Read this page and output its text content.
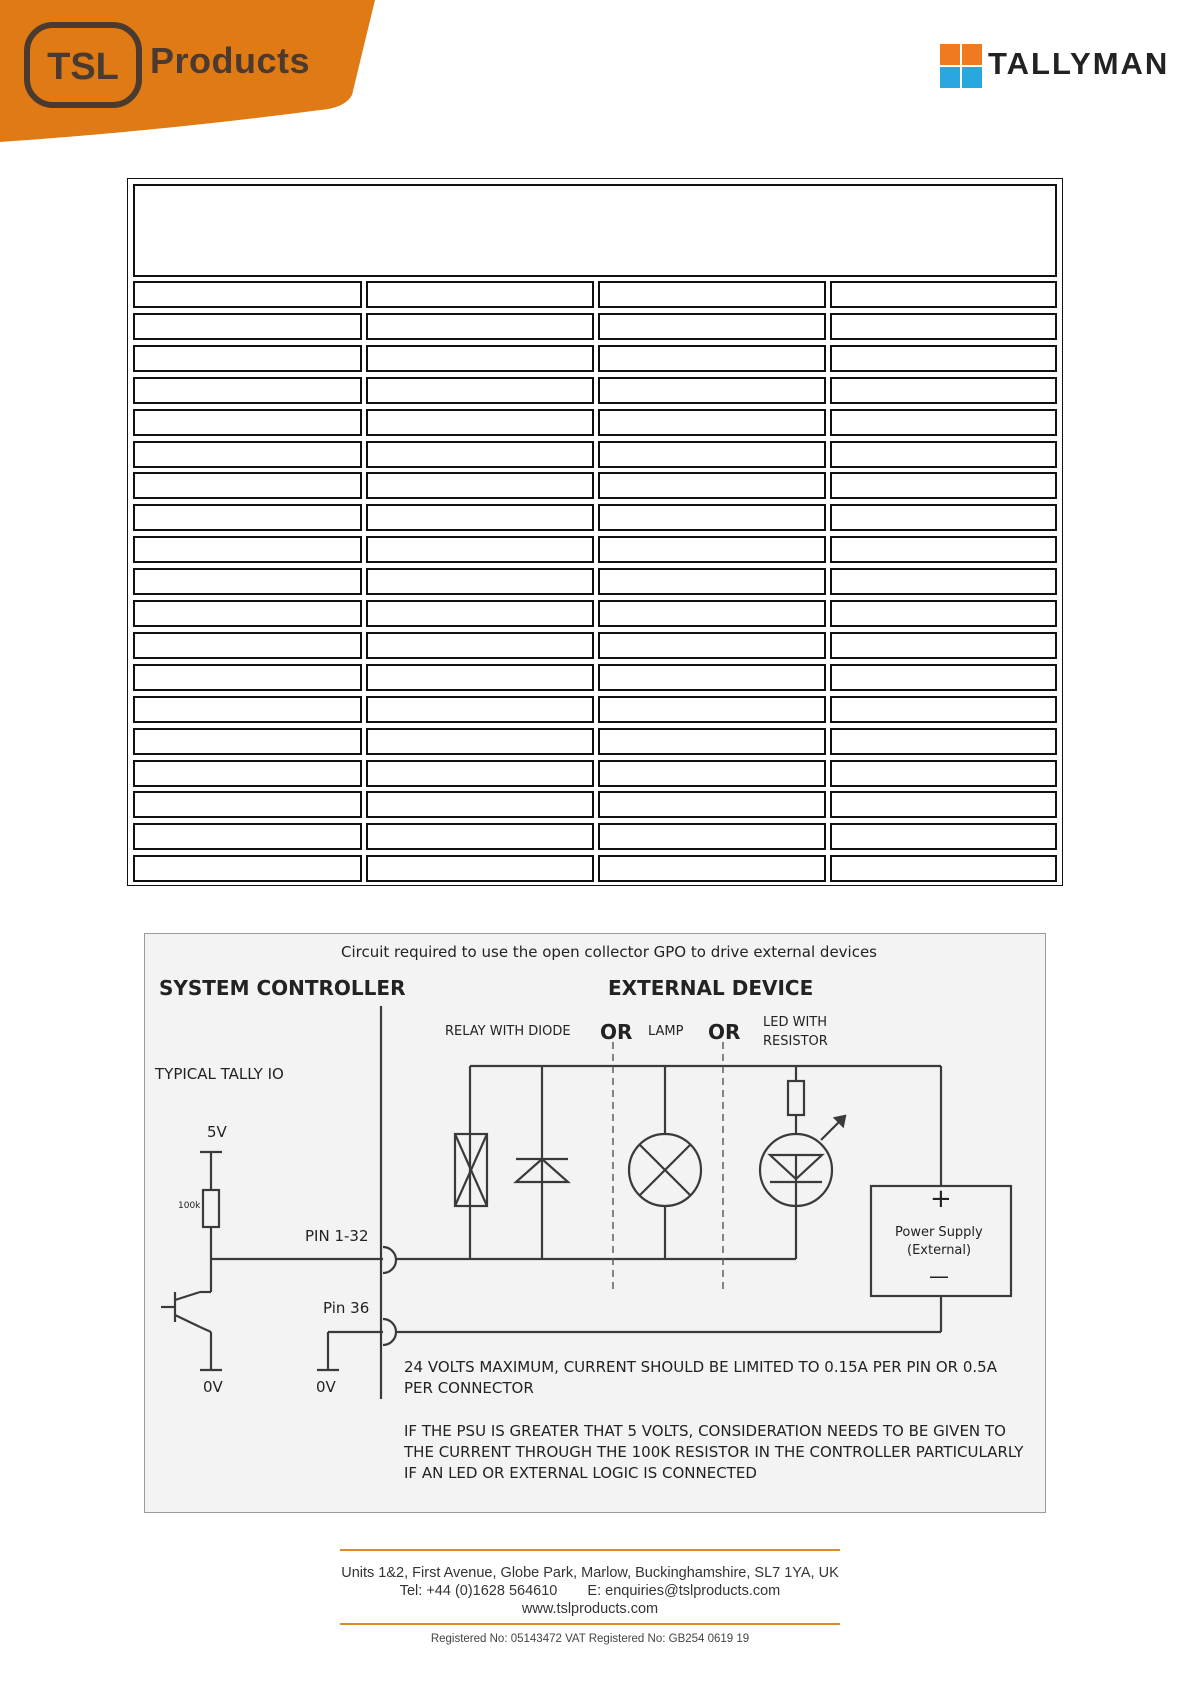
TSL Products	TALLYMAN
Circuit required to use the open collector GPO to drive external devices
SYSTEM CONTROLLER	EXTERNAL DEVICE
RELAY WITH DIODE OR LAMP OR LED WITH
RESISTOR
TYPICAL TALLY IO
5V
100k
PIN 1-32
Pin 36
0V	0V
+
Power Supply
(External)
—
24 VOLTS MAXIMUM, CURRENT SHOULD BE LIMITED TO 0.15A PER PIN OR 0.5A PER CONNECTOR
IF THE PSU IS GREATER THAT 5 VOLTS, CONSIDERATION NEEDS TO BE GIVEN TO THE CURRENT THROUGH THE 100K RESISTOR IN THE CONTROLLER PARTICULARLY IF AN LED OR EXTERNAL LOGIC IS CONNECTED
Units 1&2, First Avenue, Globe Park, Marlow, Buckinghamshire, SL7 1YA, UK
Tel: +44 (0)1628 564610 E: enquiries@tslproducts.com
www.tslproducts.com
Registered No: 05143472 VAT Registered No: GB254 0619 19
